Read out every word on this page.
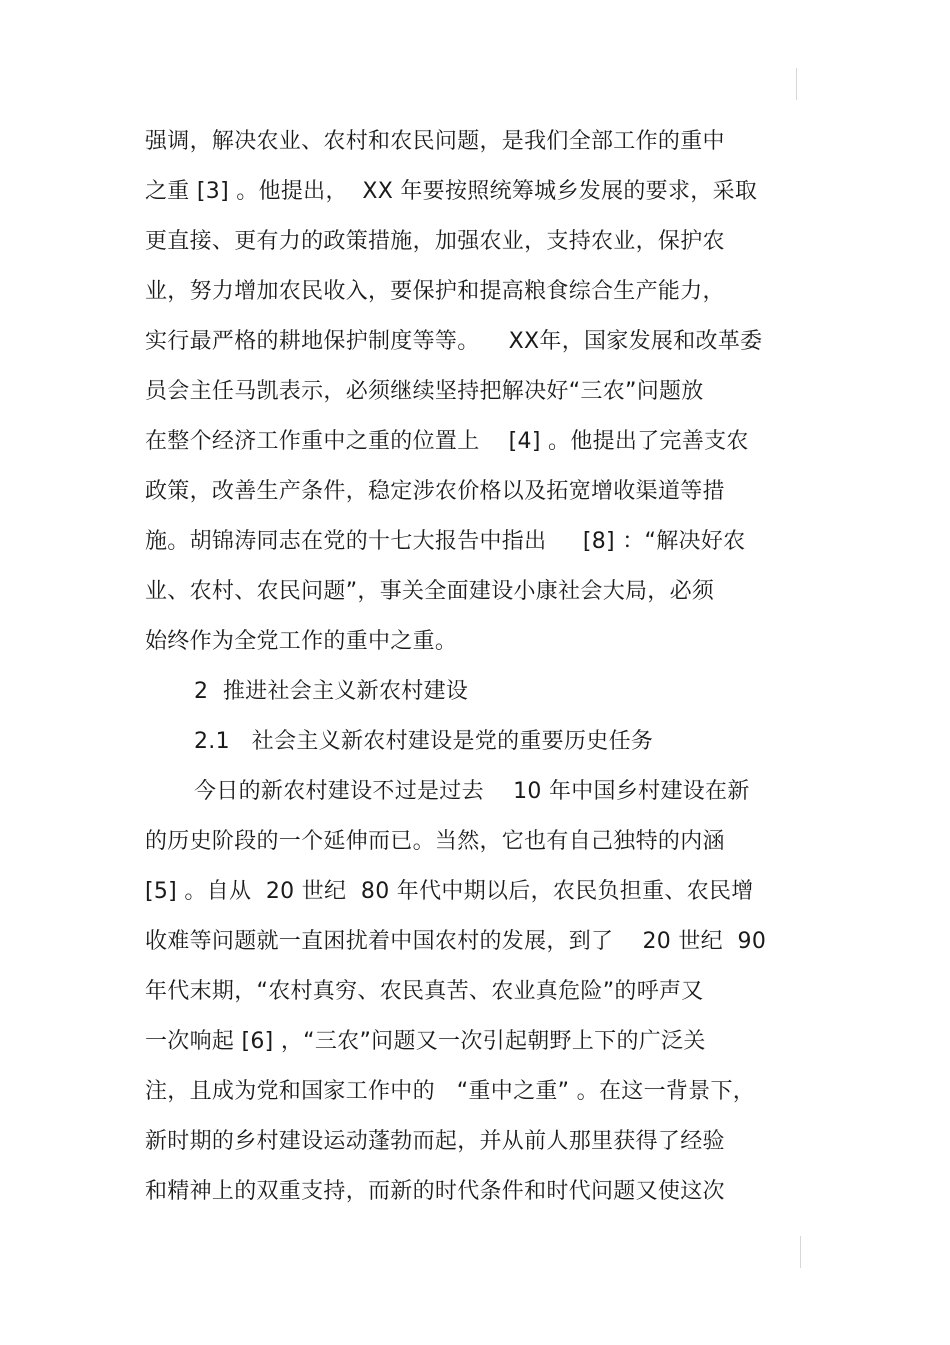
强调，解决农业、农村和农民问题，是我们全部工作的重中
之重 [3] 。他提出，  XX 年要按照统筹城乡发展的要求，采取
更直接、更有力的政策措施，加强农业，支持农业，保护农
业，努力增加农民收入，要保护和提高粮食综合生产能力，
实行最严格的耕地保护制度等等。    XX年，国家发展和改革委
员会主任马凯表示，必须继续坚持把解决好“三农”问题放
在整个经济工作重中之重的位置上    [4] 。他提出了完善支农
政策，改善生产条件，稳定涉农价格以及拓宽增收渠道等措
施。胡锦涛同志在党的十七大报告中指出     [8] ：“解决好农
业、农村、农民问题”，事关全面建设小康社会大局，必须
始终作为全党工作的重中之重。
2  推进社会主义新农村建设
2.1   社会主义新农村建设是党的重要历史任务
今日的新农村建设不过是过去    10 年中国乡村建设在新
的历史阶段的一个延伸而已。当然，它也有自己独特的内涵
[5] 。自从  20 世纪  80 年代中期以后，农民负担重、农民增
收难等问题就一直困扰着中国农村的发展，到了    20 世纪  90
年代末期，“农村真穷、农民真苦、农业真危险”的呼声又
一次响起 [6] ，“三农”问题又一次引起朝野上下的广泛关
注，且成为党和国家工作中的   “重中之重” 。在这一背景下，
新时期的乡村建设运动蓬勃而起，并从前人那里获得了经验
和精神上的双重支持，而新的时代条件和时代问题又使这次
